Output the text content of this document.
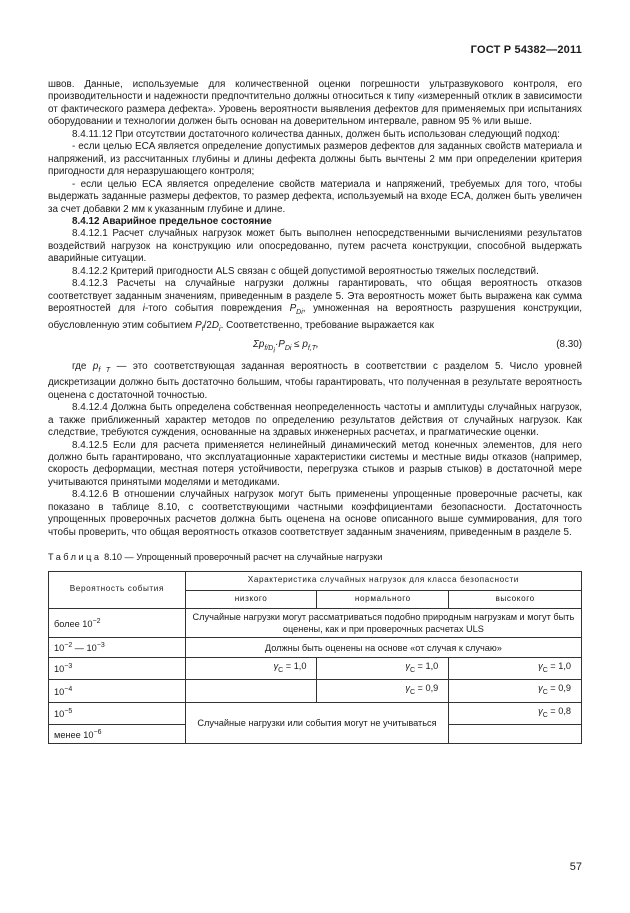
ГОСТ Р 54382—2011

швов. Данные, используемые для количественной оценки погрешности ультразвукового контроля, его производительности и надежности предпочтительно должны относиться к типу «измеренный отклик в зависимости от фактического размера дефекта». Уровень вероятности выявления дефектов для применяемых при испытаниях оборудовании и технологии должен быть основан на доверительном интервале, равном 95 % или выше.

8.4.11.12 При отсутствии достаточного количества данных, должен быть использован следующий подход:

- если целью ECA является определение допустимых размеров дефектов для заданных свойств материала и напряжений, из рассчитанных глубины и длины дефекта должны быть вычтены 2 мм при определении критерия пригодности для неразрушающего контроля;

- если целью ECA является определение свойств материала и напряжений, требуемых для того, чтобы выдержать заданные размеры дефектов, то размер дефекта, используемый на входе ECA, должен быть увеличен за счет добавки 2 мм к указанным глубине и длине.

8.4.12 Аварийное предельное состояние

8.4.12.1 Расчет случайных нагрузок может быть выполнен непосредственными вычислениями результатов воздействий нагрузок на конструкцию или опосредованно, путем расчета конструкции, способной выдержать аварийные ситуации.

8.4.12.2 Критерий пригодности ALS связан с общей допустимой вероятностью тяжелых последствий.

8.4.12.3 Расчеты на случайные нагрузки должны гарантировать, что общая вероятность отказов соответствует заданным значениям, приведенным в разделе 5. Эта вероятность может быть выражена как сумма вероятностей для i-того события повреждения $P_{Di}$, умноженная на вероятность разрушения конструкции, обусловленную этим событием $P_f/2D_i$. Соответственно, требование выражается как

$\Sigma p_{f/D_i}\cdot P_{Di} \le p_{f,T}$,	(8.30)

где $p_{f T}$ — это соответствующая заданная вероятность в соответствии с разделом 5. Число уровней дискретизации должно быть достаточно большим, чтобы гарантировать, что полученная в результате вероятность оценена с достаточной точностью.

8.4.12.4 Должна быть определена собственная неопределенность частоты и амплитуды случайных нагрузок, а также приближенный характер методов по определению результатов действия от случайных нагрузок. Как следствие, требуются суждения, основанные на здравых инженерных расчетах, и прагматические оценки.

8.4.12.5 Если для расчета применяется нелинейный динамический метод конечных элементов, для него должно быть гарантировано, что эксплуатационные характеристики системы и местные виды отказов (например, скорость деформации, местная потеря устойчивости, перегрузка стыков и разрыв стыков) в достаточной мере учитываются принятыми моделями и методиками.

8.4.12.6 В отношении случайных нагрузок могут быть применены упрощенные проверочные расчеты, как показано в таблице 8.10, с соответствующими частными коэффициентами безопасности. Достаточность упрощенных проверочных расчетов должна быть оценена на основе описанного выше суммирования, для того чтобы проверить, что общая вероятность отказов соответствует заданным значениям, приведенным в разделе 5.

Таблица 8.10 — Упрощенный проверочный расчет на случайные нагрузки
Вероятность события	Характеристика случайных нагрузок для класса безопасности		
	низкого	нормального	высокого
более $10^{-2}$	Случайные нагрузки могут рассматриваться подобно природным нагрузкам и могут быть оценены, как и при проверочных расчетах ULS		
$10^{-2}$ — $10^{-3}$	Должны быть оценены на основе «от случая к случаю»		
$10^{-3}$	$\gamma_C = 1,0$	$\gamma_C = 1,0$	$\gamma_C = 1,0$
$10^{-4}$		$\gamma_C = 0,9$	$\gamma_C = 0,9$
$10^{-5}$	Случайные нагрузки или события могут не учитываться		$\gamma_C = 0,8$
менее $10^{-6}$	
57
